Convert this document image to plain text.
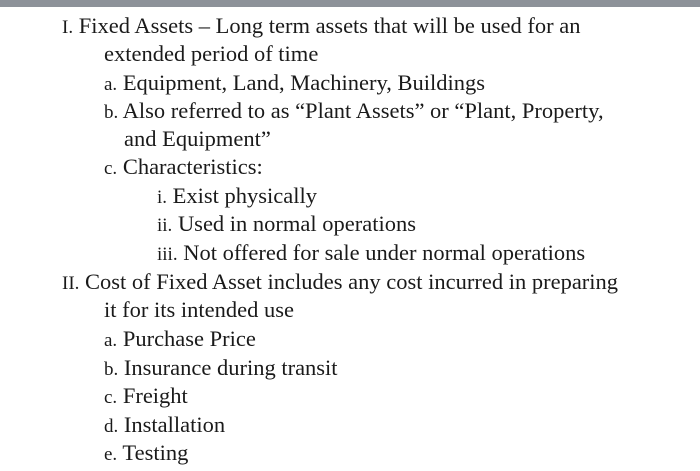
I. Fixed Assets – Long term assets that will be used for an
extended period of time
a. Equipment, Land, Machinery, Buildings
b. Also referred to as “Plant Assets” or “Plant, Property,
and Equipment”
c. Characteristics:
i. Exist physically
ii. Used in normal operations
iii. Not offered for sale under normal operations
II. Cost of Fixed Asset includes any cost incurred in preparing
it for its intended use
a. Purchase Price
b. Insurance during transit
c. Freight
d. Installation
e. Testing
